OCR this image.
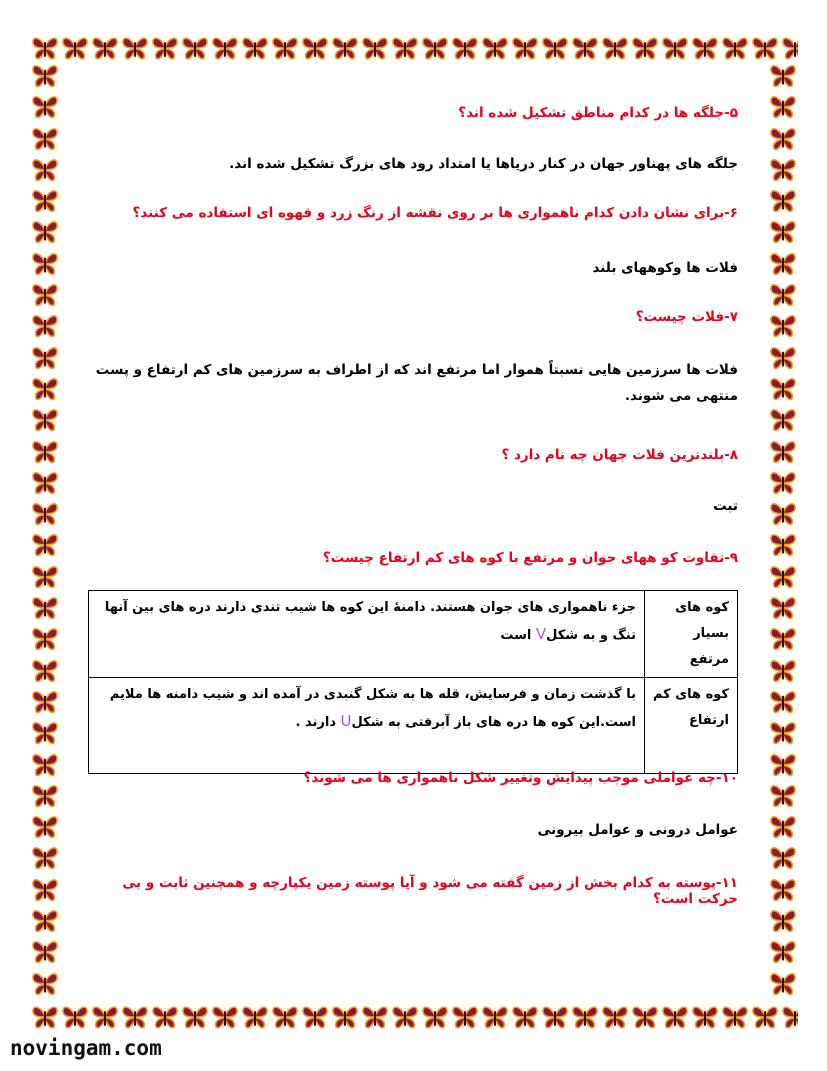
۵-جلگه ها در کدام مناطق تشکیل شده اند؟
جلگه های پهناور جهان در کنار دریاها یا امتداد رود های بزرگ تشکیل شده اند.
۶-برای نشان دادن کدام ناهمواری ها بر روی نقشه از رنگ زرد و قهوه ای استفاده می کنند؟
فلات ها وکوههای بلند
۷-فلات چیست؟
فلات ها سرزمین هایی نسبتاً هموار اما مرتفع اند که از اطراف به سرزمین های کم ارتفاع و پست منتهی می شوند.
۸-بلندترین فلات جهان چه نام دارد ؟
تبت
۹-تفاوت کو ههای جوان و مرتفع با کوه های کم ارتفاع چیست؟
کوه های بسیار مرتفع	جزء ناهمواری های جوان هستند. دامنهٔ این کوه ها شیب تندی دارند دره های بین آنها تنگ و به شکلV است
کوه های کم ارتفاع	با گذشت زمان و فرسایش، قله ها به شکل گنبدی در آمده اند و شیب دامنه ها ملایم است.این کوه ها دره های باز آبرفتی به شکلU دارند .
۱۰-چه عواملی موجب پیدایش وتغییر شکل ناهمواری ها می شوند؟
عوامل درونی و عوامل بیرونی
۱۱-پوسته به کدام بخش از زمین گفته می شود و آیا پوسته زمین یکپارچه و همچنین ثابت و بی حرکت است؟
novingam.com
